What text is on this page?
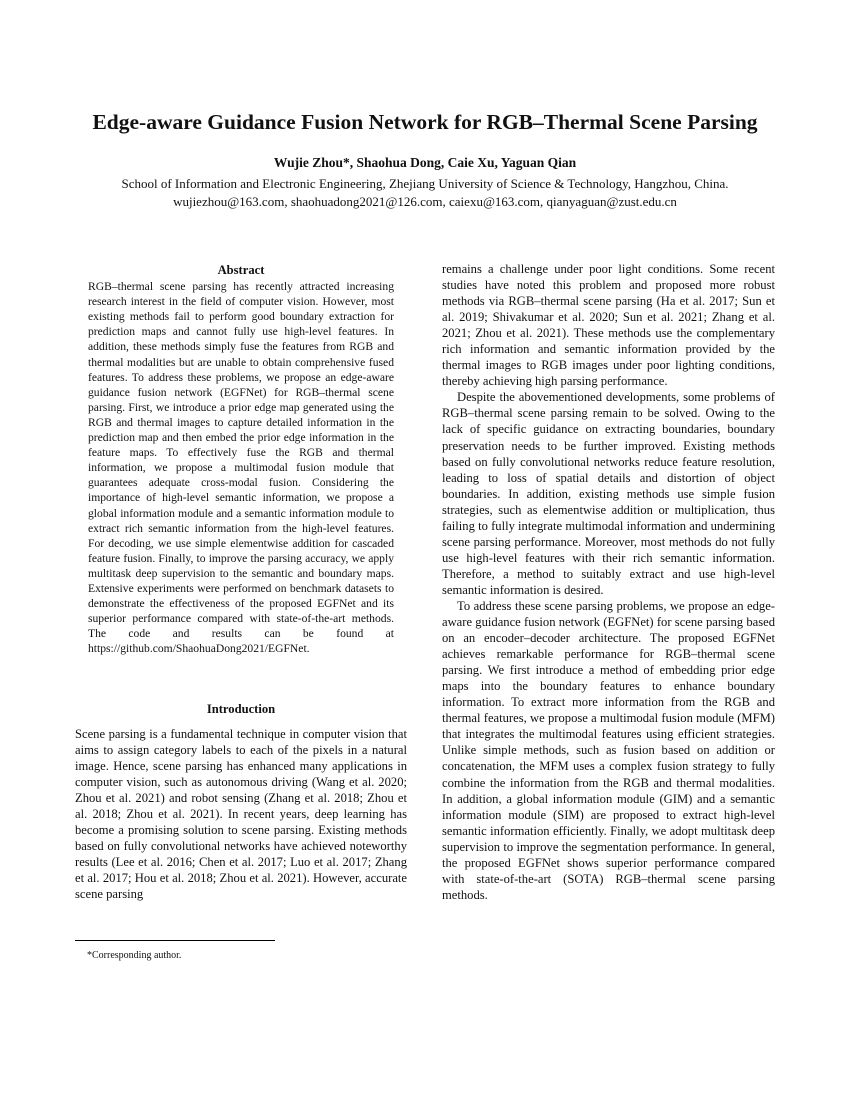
Edge-aware Guidance Fusion Network for RGB–Thermal Scene Parsing
Wujie Zhou*, Shaohua Dong, Caie Xu, Yaguan Qian
School of Information and Electronic Engineering, Zhejiang University of Science & Technology, Hangzhou, China.
wujiezhou@163.com, shaohuadong2021@126.com, caiexu@163.com, qianyaguan@zust.edu.cn
Abstract

RGB–thermal scene parsing has recently attracted increasing research interest in the field of computer vision. However, most existing methods fail to perform good boundary extraction for prediction maps and cannot fully use high-level features. In addition, these methods simply fuse the features from RGB and thermal modalities but are unable to obtain comprehensive fused features. To address these problems, we propose an edge-aware guidance fusion network (EGFNet) for RGB–thermal scene parsing. First, we introduce a prior edge map generated using the RGB and thermal images to capture detailed information in the prediction map and then embed the prior edge information in the feature maps. To effectively fuse the RGB and thermal information, we propose a multimodal fusion module that guarantees adequate cross-modal fusion. Considering the importance of high-level semantic information, we propose a global information module and a semantic information module to extract rich semantic information from the high-level features. For decoding, we use simple elementwise addition for cascaded feature fusion. Finally, to improve the parsing accuracy, we apply multitask deep supervision to the semantic and boundary maps. Extensive experiments were performed on benchmark datasets to demonstrate the effectiveness of the proposed EGFNet and its superior performance compared with state-of-the-art methods. The code and results can be found at https://github.com/ShaohuaDong2021/EGFNet.

Introduction

Scene parsing is a fundamental technique in computer vision that aims to assign category labels to each of the pixels in a natural image. Hence, scene parsing has enhanced many applications in computer vision, such as autonomous driving (Wang et al. 2020; Zhou et al. 2021) and robot sensing (Zhang et al. 2018; Zhou et al. 2018; Zhou et al. 2021). In recent years, deep learning has become a promising solution to scene parsing. Existing methods based on fully convolutional networks have achieved noteworthy results (Lee et al. 2016; Chen et al. 2017; Luo et al. 2017; Zhang et al. 2017; Hou et al. 2018; Zhou et al. 2021). However, accurate scene parsing

remains a challenge under poor light conditions. Some recent studies have noted this problem and proposed more robust methods via RGB–thermal scene parsing (Ha et al. 2017; Sun et al. 2019; Shivakumar et al. 2020; Sun et al. 2021; Zhang et al. 2021; Zhou et al. 2021). These methods use the complementary rich information and semantic information provided by the thermal images to RGB images under poor lighting conditions, thereby achieving high parsing performance.

Despite the abovementioned developments, some problems of RGB–thermal scene parsing remain to be solved. Owing to the lack of specific guidance on extracting boundaries, boundary preservation needs to be further improved. Existing methods based on fully convolutional networks reduce feature resolution, leading to loss of spatial details and distortion of object boundaries. In addition, existing methods use simple fusion strategies, such as elementwise addition or multiplication, thus failing to fully integrate multimodal information and undermining scene parsing performance. Moreover, most methods do not fully use high-level features with their rich semantic information. Therefore, a method to suitably extract and use high-level semantic information is desired.

To address these scene parsing problems, we propose an edge-aware guidance fusion network (EGFNet) for scene parsing based on an encoder–decoder architecture. The proposed EGFNet achieves remarkable performance for RGB–thermal scene parsing. We first introduce a method of embedding prior edge maps into the boundary features to enhance boundary information. To extract more information from the RGB and thermal features, we propose a multimodal fusion module (MFM) that integrates the multimodal features using efficient strategies. Unlike simple methods, such as fusion based on addition or concatenation, the MFM uses a complex fusion strategy to fully combine the information from the RGB and thermal modalities. In addition, a global information module (GIM) and a semantic information module (SIM) are proposed to extract high-level semantic information efficiently. Finally, we adopt multitask deep supervision to improve the segmentation performance. In general, the proposed EGFNet shows superior performance compared with state-of-the-art (SOTA) RGB–thermal scene parsing methods.

*Corresponding author.
